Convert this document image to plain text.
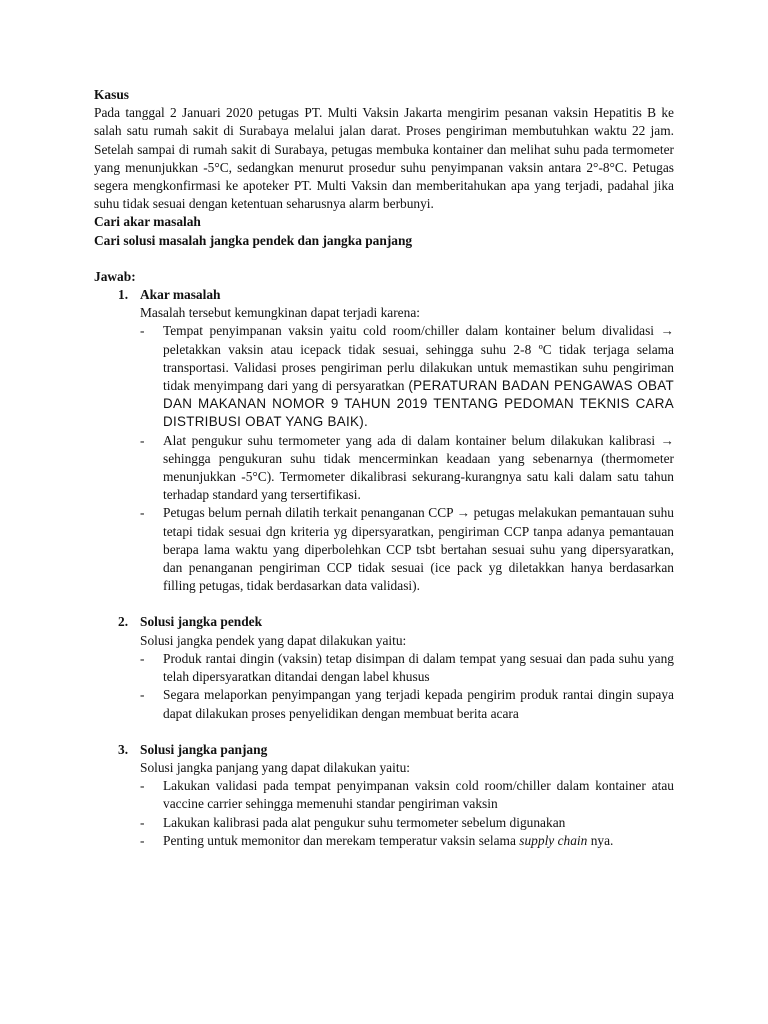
Kasus

Pada tanggal 2 Januari 2020 petugas PT. Multi Vaksin Jakarta mengirim pesanan vaksin Hepatitis B ke salah satu rumah sakit di Surabaya melalui jalan darat. Proses pengiriman membutuhkan waktu 22 jam. Setelah sampai di rumah sakit di Surabaya, petugas membuka kontainer dan melihat suhu pada termometer yang menunjukkan -5°C, sedangkan menurut prosedur suhu penyimpanan vaksin antara 2°-8°C. Petugas segera mengkonfirmasi ke apoteker PT. Multi Vaksin dan memberitahukan apa yang terjadi, padahal jika suhu tidak sesuai dengan ketentuan seharusnya alarm berbunyi.

Cari akar masalah
Cari solusi masalah jangka pendek dan jangka panjang
Jawab:
1. Akar masalah
Masalah tersebut kemungkinan dapat terjadi karena:
- Tempat penyimpanan vaksin yaitu cold room/chiller dalam kontainer belum divalidasi → peletakkan vaksin atau icepack tidak sesuai, sehingga suhu 2-8 ºC tidak terjaga selama transportasi. Validasi proses pengiriman perlu dilakukan untuk memastikan suhu pengiriman tidak menyimpang dari yang di persyaratkan (PERATURAN BADAN PENGAWAS OBAT DAN MAKANAN NOMOR 9 TAHUN 2019 TENTANG PEDOMAN TEKNIS CARA DISTRIBUSI OBAT YANG BAIK).
- Alat pengukur suhu termometer yang ada di dalam kontainer belum dilakukan kalibrasi → sehingga pengukuran suhu tidak mencerminkan keadaan yang sebenarnya (thermometer menunjukkan -5°C). Termometer dikalibrasi sekurang-kurangnya satu kali dalam satu tahun terhadap standard yang tersertifikasi.
- Petugas belum pernah dilatih terkait penanganan CCP → petugas melakukan pemantauan suhu tetapi tidak sesuai dgn kriteria yg dipersyaratkan, pengiriman CCP tanpa adanya pemantauan berapa lama waktu yang diperbolehkan CCP tsbt bertahan sesuai suhu yang dipersyaratkan, dan penanganan pengiriman CCP tidak sesuai (ice pack yg diletakkan hanya berdasarkan filling petugas, tidak berdasarkan data validasi).
2. Solusi jangka pendek
Solusi jangka pendek yang dapat dilakukan yaitu:
- Produk rantai dingin (vaksin) tetap disimpan di dalam tempat yang sesuai dan pada suhu yang telah dipersyaratkan ditandai dengan label khusus
- Segara melaporkan penyimpangan yang terjadi kepada pengirim produk rantai dingin supaya dapat dilakukan proses penyelidikan dengan membuat berita acara
3. Solusi jangka panjang
Solusi jangka panjang yang dapat dilakukan yaitu:
- Lakukan validasi pada tempat penyimpanan vaksin cold room/chiller dalam kontainer atau vaccine carrier sehingga memenuhi standar pengiriman vaksin
- Lakukan kalibrasi pada alat pengukur suhu termometer sebelum digunakan
- Penting untuk memonitor dan merekam temperatur vaksin selama supply chain nya.
